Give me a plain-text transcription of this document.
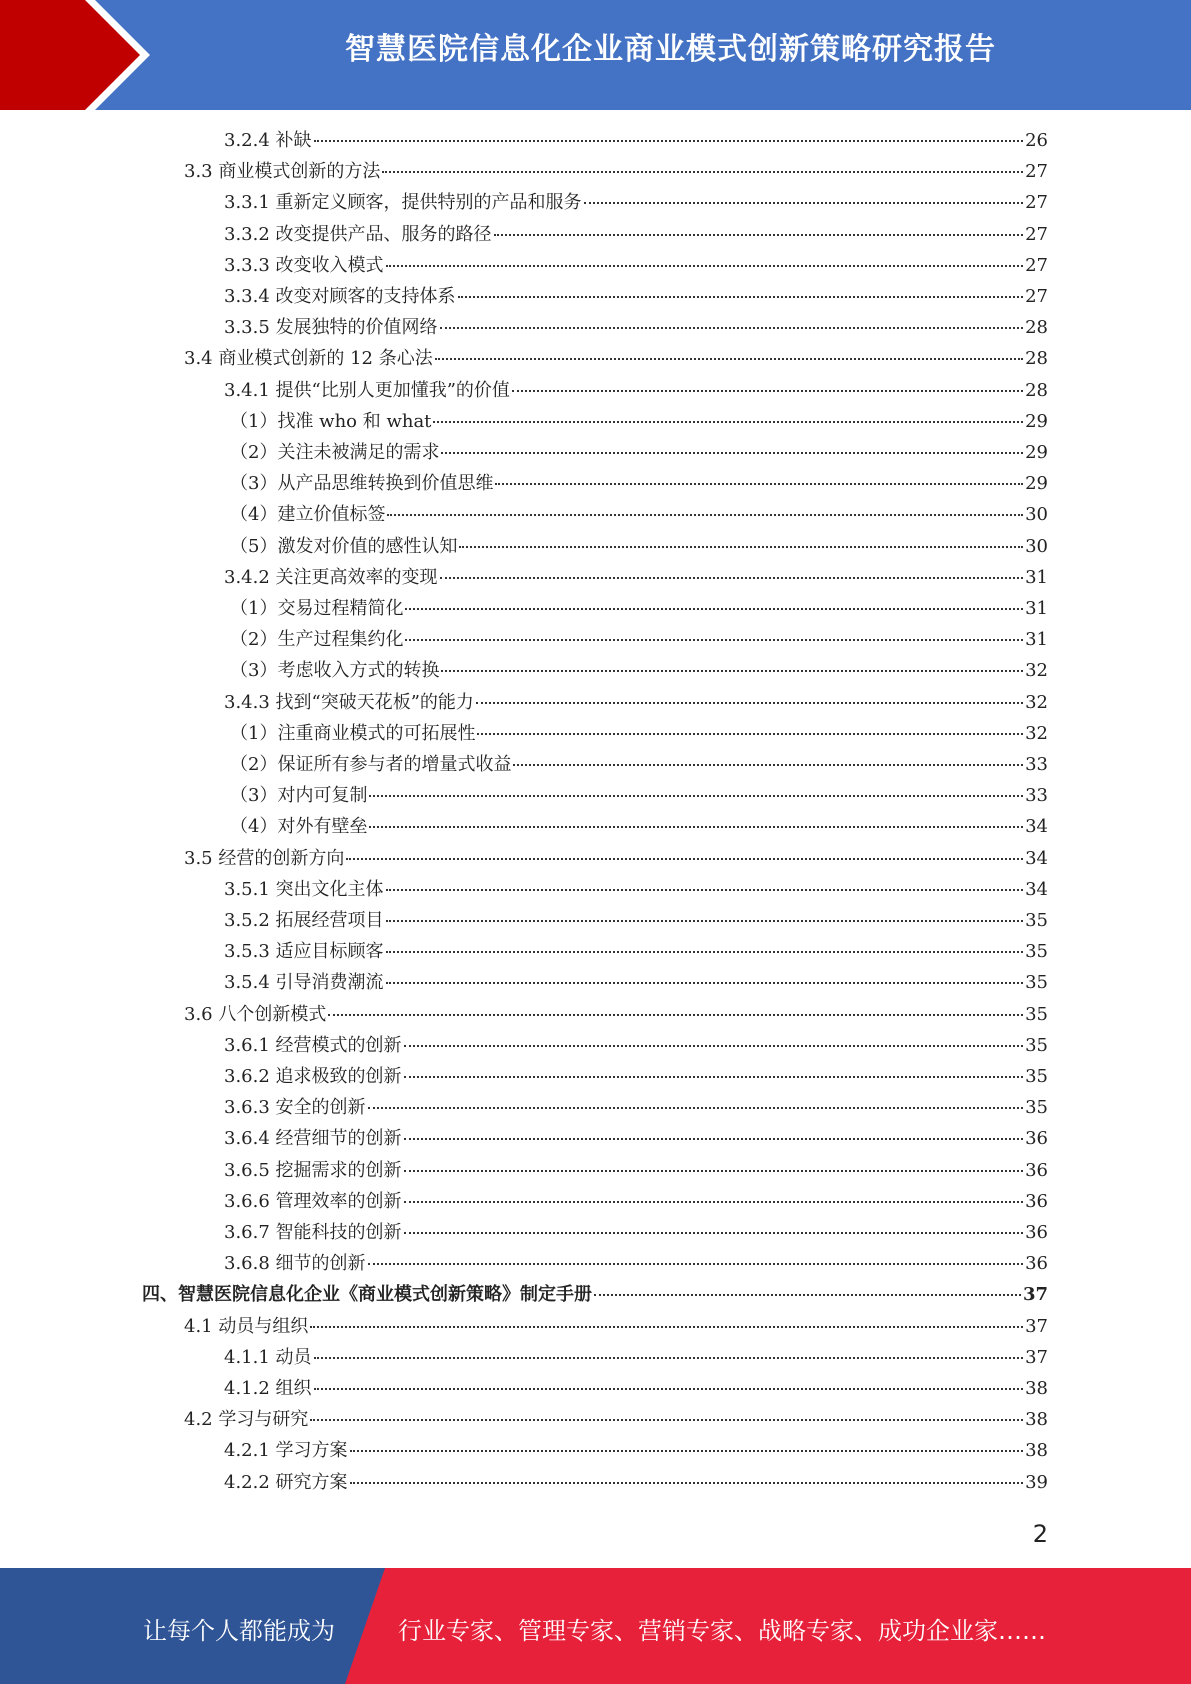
智慧医院信息化企业商业模式创新策略研究报告
3.2.4 补缺	26
3.3 商业模式创新的方法	27
3.3.1 重新定义顾客，提供特别的产品和服务	27
3.3.2 改变提供产品、服务的路径	27
3.3.3 改变收入模式	27
3.3.4 改变对顾客的支持体系	27
3.3.5 发展独特的价值网络	28
3.4 商业模式创新的 12 条心法	28
3.4.1 提供“比别人更加懂我”的价值	28
（1）找准 who 和 what	29
（2）关注未被满足的需求	29
（3）从产品思维转换到价值思维	29
（4）建立价值标签	30
（5）激发对价值的感性认知	30
3.4.2 关注更高效率的变现	31
（1）交易过程精简化	31
（2）生产过程集约化	31
（3）考虑收入方式的转换	32
3.4.3 找到“突破天花板”的能力	32
（1）注重商业模式的可拓展性	32
（2）保证所有参与者的增量式收益	33
（3）对内可复制	33
（4）对外有壁垒	34
3.5 经营的创新方向	34
3.5.1 突出文化主体	34
3.5.2 拓展经营项目	35
3.5.3 适应目标顾客	35
3.5.4 引导消费潮流	35
3.6 八个创新模式	35
3.6.1 经营模式的创新	35
3.6.2 追求极致的创新	35
3.6.3 安全的创新	35
3.6.4 经营细节的创新	36
3.6.5 挖掘需求的创新	36
3.6.6 管理效率的创新	36
3.6.7 智能科技的创新	36
3.6.8 细节的创新	36
四、智慧医院信息化企业《商业模式创新策略》制定手册	37
4.1 动员与组织	37
4.1.1 动员	37
4.1.2 组织	38
4.2 学习与研究	38
4.2.1 学习方案	38
4.2.2 研究方案	39
2
让每个人都能成为	行业专家、管理专家、营销专家、战略专家、成功企业家……
